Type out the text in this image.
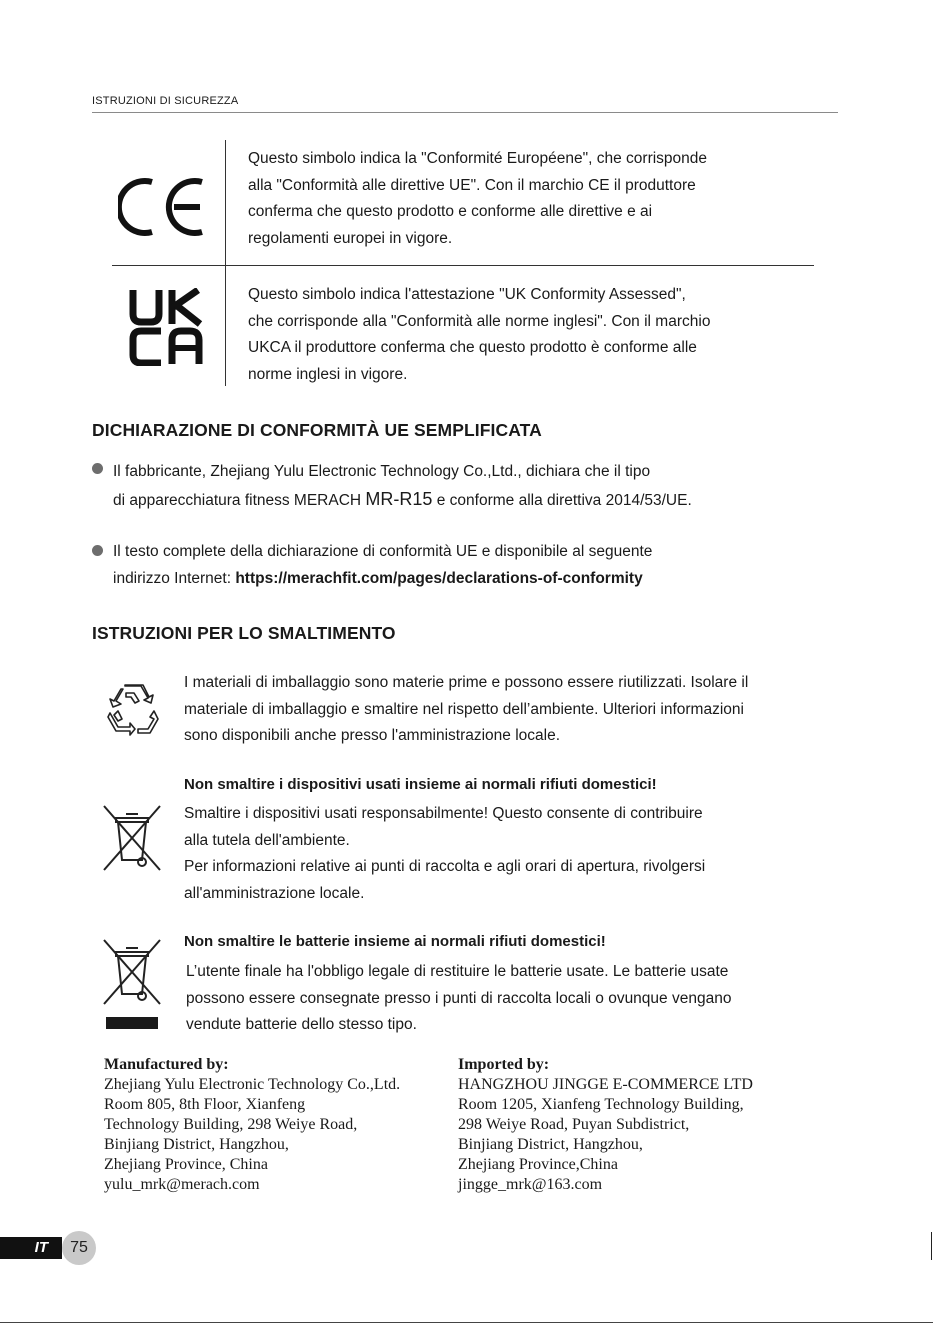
ISTRUZIONI DI SICUREZZA
Questo simbolo indica la "Conformité Européene", che corrisponde
alla "Conformità alle direttive UE". Con il marchio CE il produttore
conferma che questo prodotto e conforme alle direttive e ai
regolamenti europei in vigore.
Questo simbolo indica l'attestazione "UK Conformity Assessed",
che corrisponde alla "Conformità alle norme inglesi". Con il marchio
UKCA il produttore conferma che questo prodotto è conforme alle
norme inglesi in vigore.
DICHIARAZIONE DI CONFORMITÀ UE SEMPLIFICATA
Il fabbricante, Zhejiang Yulu Electronic Technology Co.,Ltd., dichiara che il tipo
di apparecchiatura fitness MERACH MR-R15 e conforme alla direttiva 2014/53/UE.
Il testo complete della dichiarazione di conformità UE e disponibile al seguente
indirizzo Internet: https://merachfit.com/pages/declarations-of-conformity
ISTRUZIONI PER LO SMALTIMENTO
I materiali di imballaggio sono materie prime e possono essere riutilizzati. Isolare il
materiale di imballaggio e smaltire nel rispetto dell’ambiente. Ulteriori informazioni
sono disponibili anche presso l'amministrazione locale.
Non smaltire i dispositivi usati insieme ai normali rifiuti domestici!
Smaltire i dispositivi usati responsabilmente! Questo consente di contribuire
alla tutela dell'ambiente.
Per informazioni relative ai punti di raccolta e agli orari di apertura, rivolgersi
all'amministrazione locale.
Non smaltire le batterie insieme ai normali rifiuti domestici!
L’utente finale ha l'obbligo legale di restituire le batterie usate. Le batterie usate
possono essere consegnate presso i punti di raccolta locali o ovunque vengano
vendute batterie dello stesso tipo.
Manufactured by:
Zhejiang Yulu Electronic Technology Co.,Ltd.
Room 805, 8th Floor, Xianfeng
Technology Building, 298 Weiye Road,
Binjiang District, Hangzhou,
Zhejiang Province, China
yulu_mrk@merach.com
Imported by:
HANGZHOU JINGGE E-COMMERCE LTD
Room 1205, Xianfeng Technology Building,
298 Weiye Road, Puyan Subdistrict,
Binjiang District, Hangzhou,
Zhejiang Province,China
jingge_mrk@163.com
IT	75
